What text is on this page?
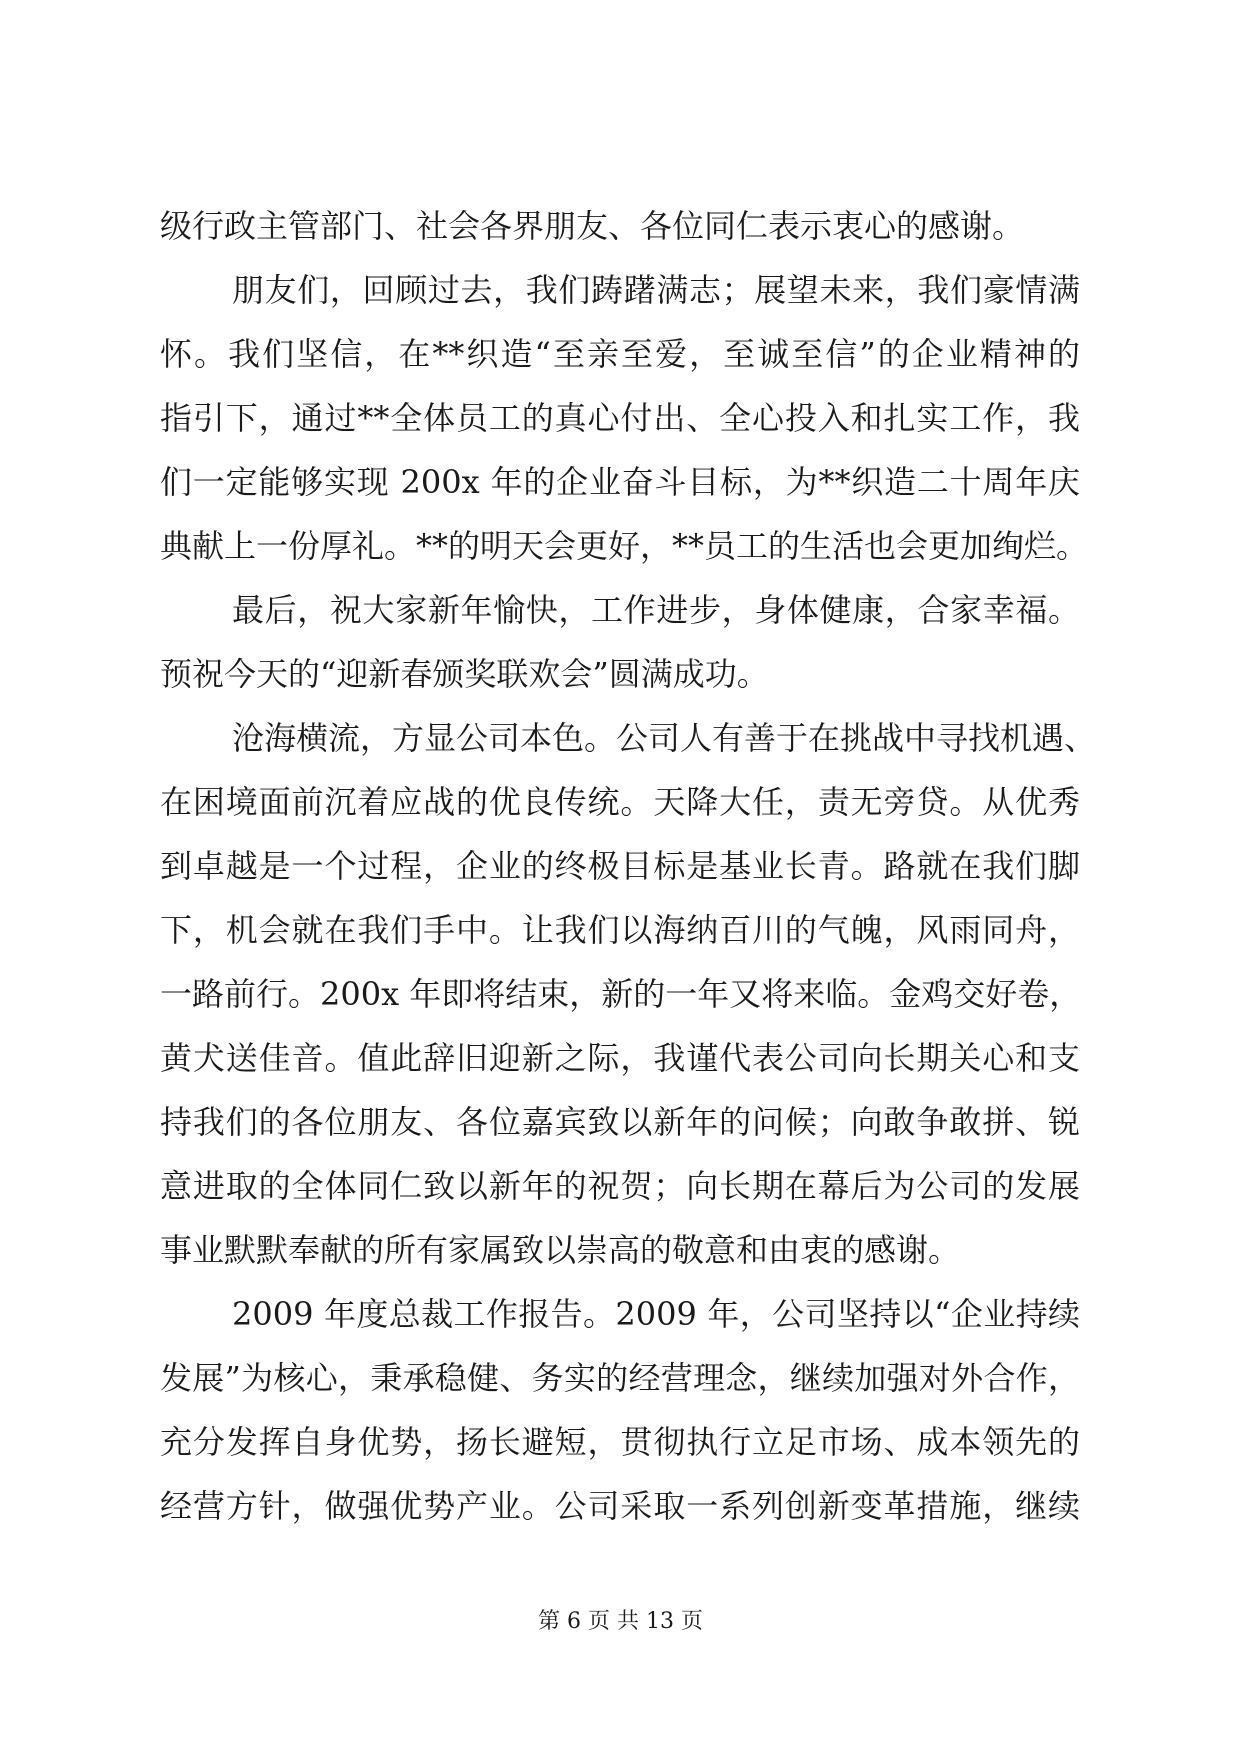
级行政主管部门、社会各界朋友、各位同仁表示衷心的感谢。
朋友们，回顾过去，我们踌躇满志；展望未来，我们豪情满
怀。我们坚信，在**织造“至亲至爱，至诚至信”的企业精神的
指引下，通过**全体员工的真心付出、全心投入和扎实工作，我
们一定能够实现 200x 年的企业奋斗目标，为**织造二十周年庆
典献上一份厚礼。**的明天会更好，**员工的生活也会更加绚烂。
最后，祝大家新年愉快，工作进步，身体健康，合家幸福。
预祝今天的“迎新春颁奖联欢会”圆满成功。
沧海横流，方显公司本色。公司人有善于在挑战中寻找机遇、
在困境面前沉着应战的优良传统。天降大任，责无旁贷。从优秀
到卓越是一个过程，企业的终极目标是基业长青。路就在我们脚
下，机会就在我们手中。让我们以海纳百川的气魄，风雨同舟，
一路前行。200x 年即将结束，新的一年又将来临。金鸡交好卷，
黄犬送佳音。值此辞旧迎新之际，我谨代表公司向长期关心和支
持我们的各位朋友、各位嘉宾致以新年的问候；向敢争敢拼、锐
意进取的全体同仁致以新年的祝贺；向长期在幕后为公司的发展
事业默默奉献的所有家属致以崇高的敬意和由衷的感谢。
2009 年度总裁工作报告。2009 年，公司坚持以“企业持续
发展”为核心，秉承稳健、务实的经营理念，继续加强对外合作，
充分发挥自身优势，扬长避短，贯彻执行立足市场、成本领先的
经营方针，做强优势产业。公司采取一系列创新变革措施，继续
第 6 页 共 13 页
